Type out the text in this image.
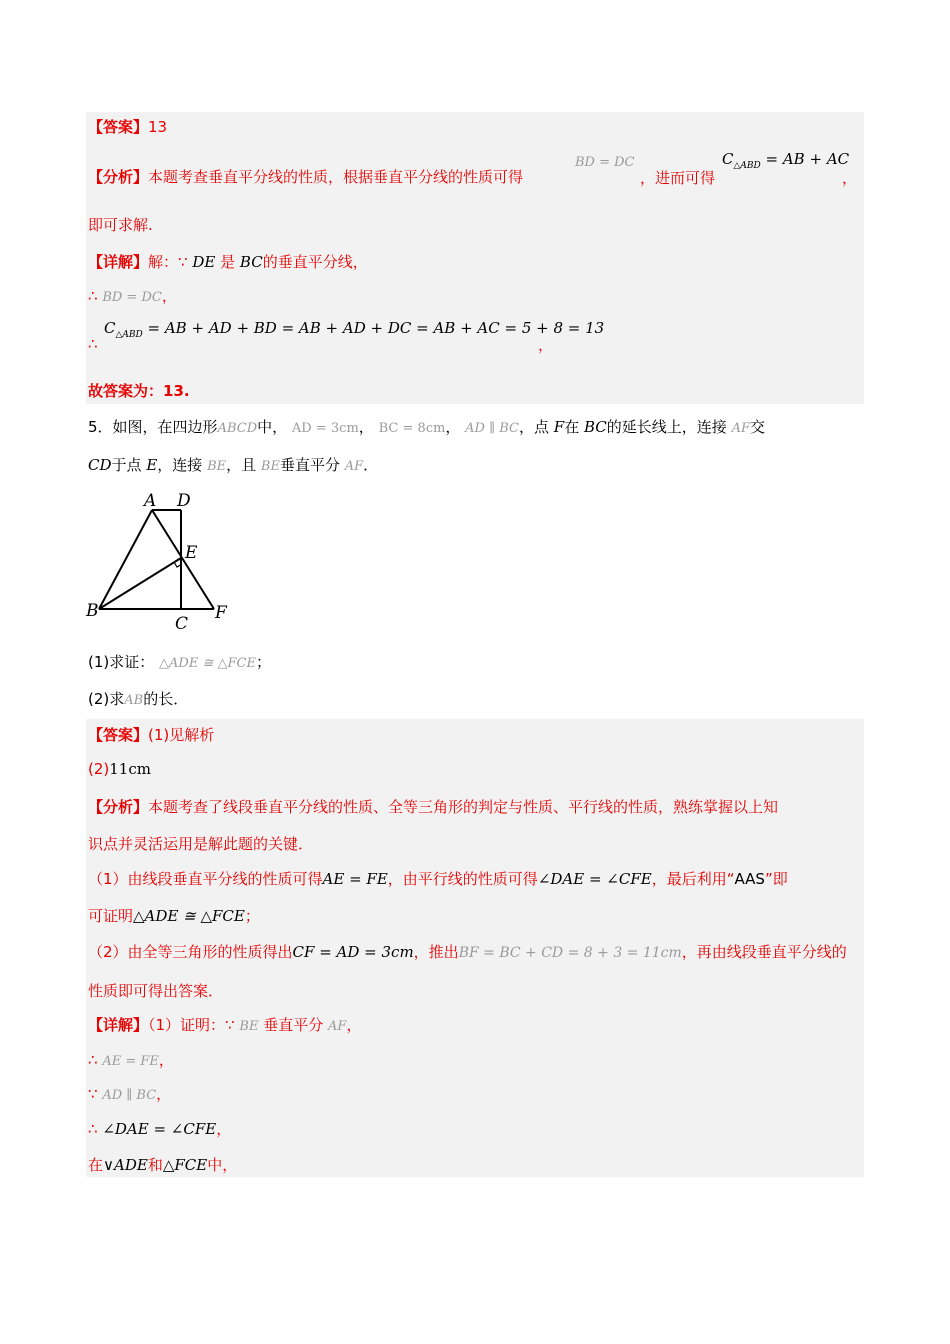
【答案】13
【分析】本题考查垂直平分线的性质，根据垂直平分线的性质可得
BD = DC
，进而可得
$C_{\triangle ABD}$ = AB + AC
，
即可求解.
【详解】解：∵ DE 是 BC的垂直平分线，
∴ BD = DC，
∴
$C_{\triangle ABD}$ = AB + AD + BD = AB + AD + DC = AB + AC = 5 + 8 = 13
，
故答案为：13.
5．如图，在四边形ABCD中， AD = 3cm， BC = 8cm， AD ∥ BC，点 F在 BC的延长线上，连接 AF交
CD于点 E，连接 BE，且 BE垂直平分 AF．
A D
E
B
C
F
(1)求证： △ADE ≅ △FCE；
(2)求AB的长．
【答案】(1)见解析
(2)11cm
【分析】本题考查了线段垂直平分线的性质、全等三角形的判定与性质、平行线的性质，熟练掌握以上知
识点并灵活运用是解此题的关键．
（1）由线段垂直平分线的性质可得AE = FE，由平行线的性质可得∠DAE = ∠CFE，最后利用“AAS”即
可证明△ADE ≅ △FCE；
（2）由全等三角形的性质得出CF = AD = 3cm，推出BF = BC + CD = 8 + 3 = 11cm，再由线段垂直平分线的
性质即可得出答案．
【详解】（1）证明：∵ BE 垂直平分 AF，
∴ AE = FE，
∵ AD ∥ BC，
∴ ∠DAE = ∠CFE，
在∨ADE和△FCE中，
